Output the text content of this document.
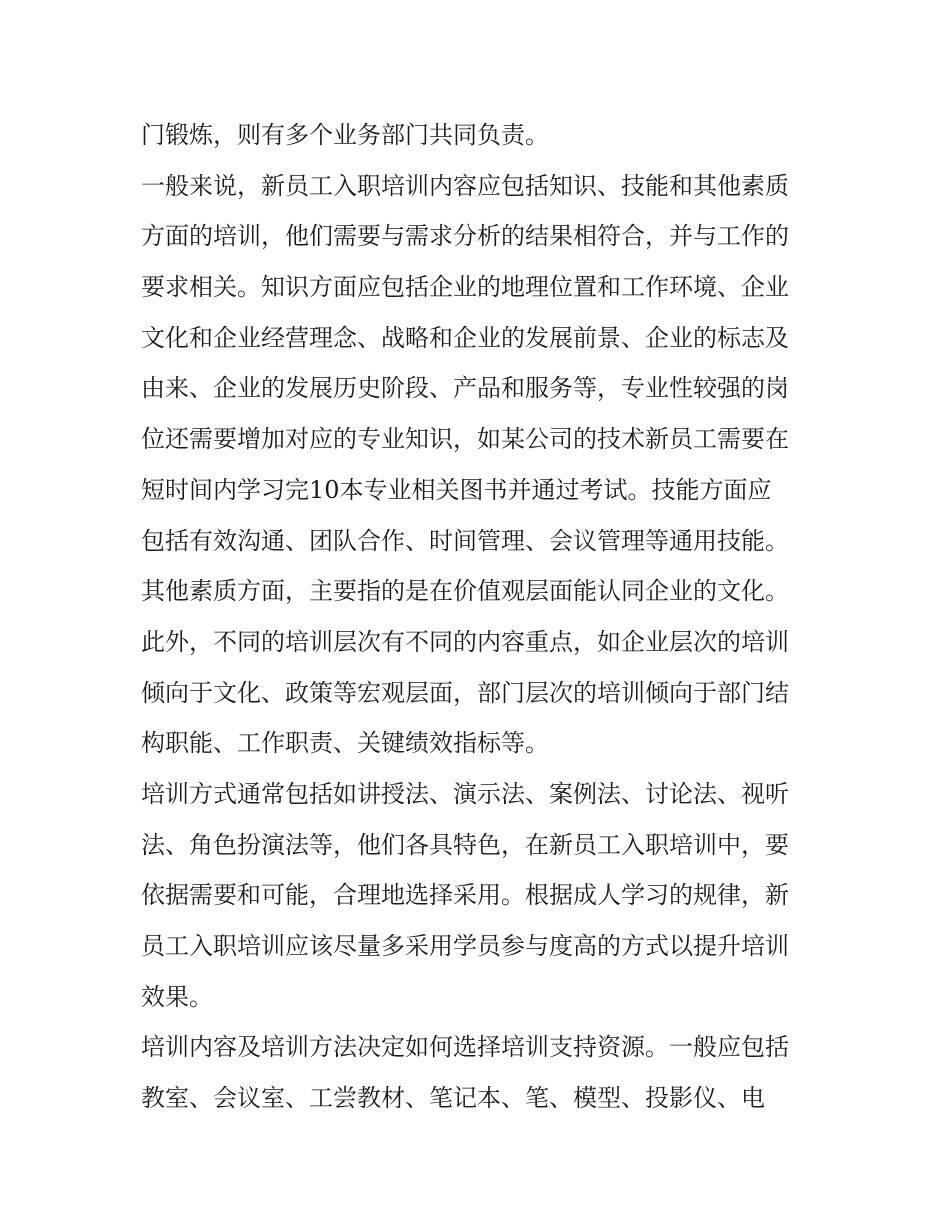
门锻炼，则有多个业务部门共同负责。
一般来说，新员工入职培训内容应包括知识、技能和其他素质
方面的培训，他们需要与需求分析的结果相符合，并与工作的
要求相关。知识方面应包括企业的地理位置和工作环境、企业
文化和企业经营理念、战略和企业的发展前景、企业的标志及
由来、企业的发展历史阶段、产品和服务等，专业性较强的岗
位还需要增加对应的专业知识，如某公司的技术新员工需要在
短时间内学习完10本专业相关图书并通过考试。技能方面应
包括有效沟通、团队合作、时间管理、会议管理等通用技能。
其他素质方面，主要指的是在价值观层面能认同企业的文化。
此外，不同的培训层次有不同的内容重点，如企业层次的培训
倾向于文化、政策等宏观层面，部门层次的培训倾向于部门结
构职能、工作职责、关键绩效指标等。
培训方式通常包括如讲授法、演示法、案例法、讨论法、视听
法、角色扮演法等，他们各具特色，在新员工入职培训中，要
依据需要和可能，合理地选择采用。根据成人学习的规律，新
员工入职培训应该尽量多采用学员参与度高的方式以提升培训
效果。
培训内容及培训方法决定如何选择培训支持资源。一般应包括
教室、会议室、工尝教材、笔记本、笔、模型、投影仪、电
